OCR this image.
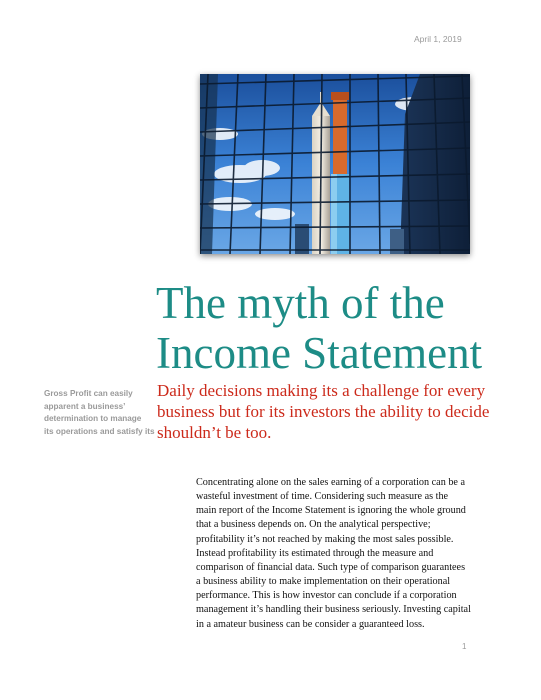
April 1, 2019
The myth of the
Income Statement
Daily decisions making its a challenge for every
business but for its investors the ability to decide
shouldn’t be too.
Gross Profit can easily
apparent a business’
determination to manage
its operations and satisfy its
Concentrating alone on the sales earning of a corporation can be a
wasteful investment of time. Considering such measure as the
main report of the Income Statement is ignoring the whole ground
that a business depends on. On the analytical perspective;
profitability it’s not reached by making the most sales possible.
Instead profitability its estimated through the measure and
comparison of financial data. Such type of comparison guarantees
a business ability to make implementation on their operational
performance. This is how investor can conclude if a corporation
management it’s handling their business seriously. Investing capital
in a amateur business can be consider a guaranteed loss.
1
